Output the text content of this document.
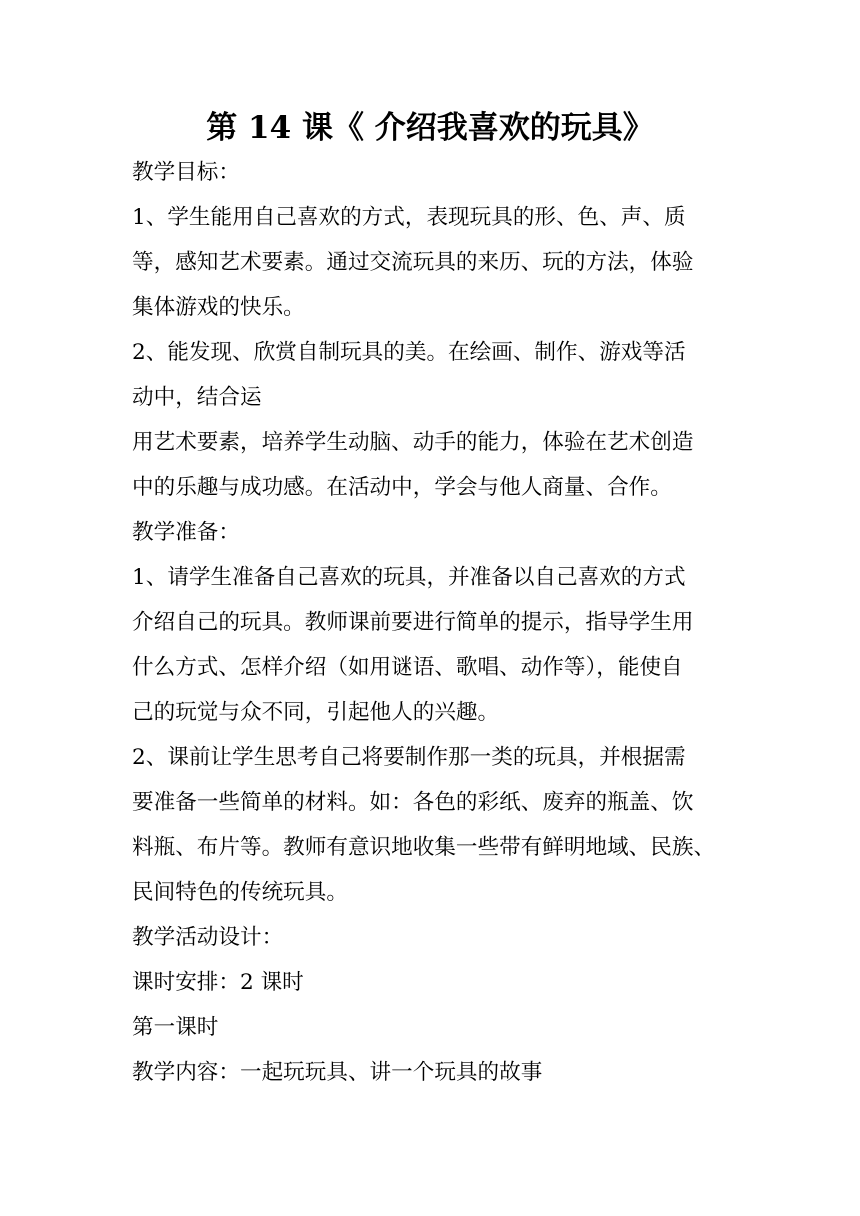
第 14 课《 介绍我喜欢的玩具》
教学目标：
1、学生能用自己喜欢的方式，表现玩具的形、色、声、质
等，感知艺术要素。通过交流玩具的来历、玩的方法，体验
集体游戏的快乐。
2、能发现、欣赏自制玩具的美。在绘画、制作、游戏等活
动中，结合运
用艺术要素，培养学生动脑、动手的能力，体验在艺术创造
中的乐趣与成功感。在活动中，学会与他人商量、合作。
教学准备：
1、请学生准备自己喜欢的玩具，并准备以自己喜欢的方式
介绍自己的玩具。教师课前要进行简单的提示，指导学生用
什么方式、怎样介绍（如用谜语、歌唱、动作等），能使自
己的玩觉与众不同，引起他人的兴趣。
2、课前让学生思考自己将要制作那一类的玩具，并根据需
要准备一些简单的材料。如：各色的彩纸、废弃的瓶盖、饮
料瓶、布片等。教师有意识地收集一些带有鲜明地域、民族、
民间特色的传统玩具。
教学活动设计：
课时安排：2 课时
第一课时
教学内容：一起玩玩具、讲一个玩具的故事
